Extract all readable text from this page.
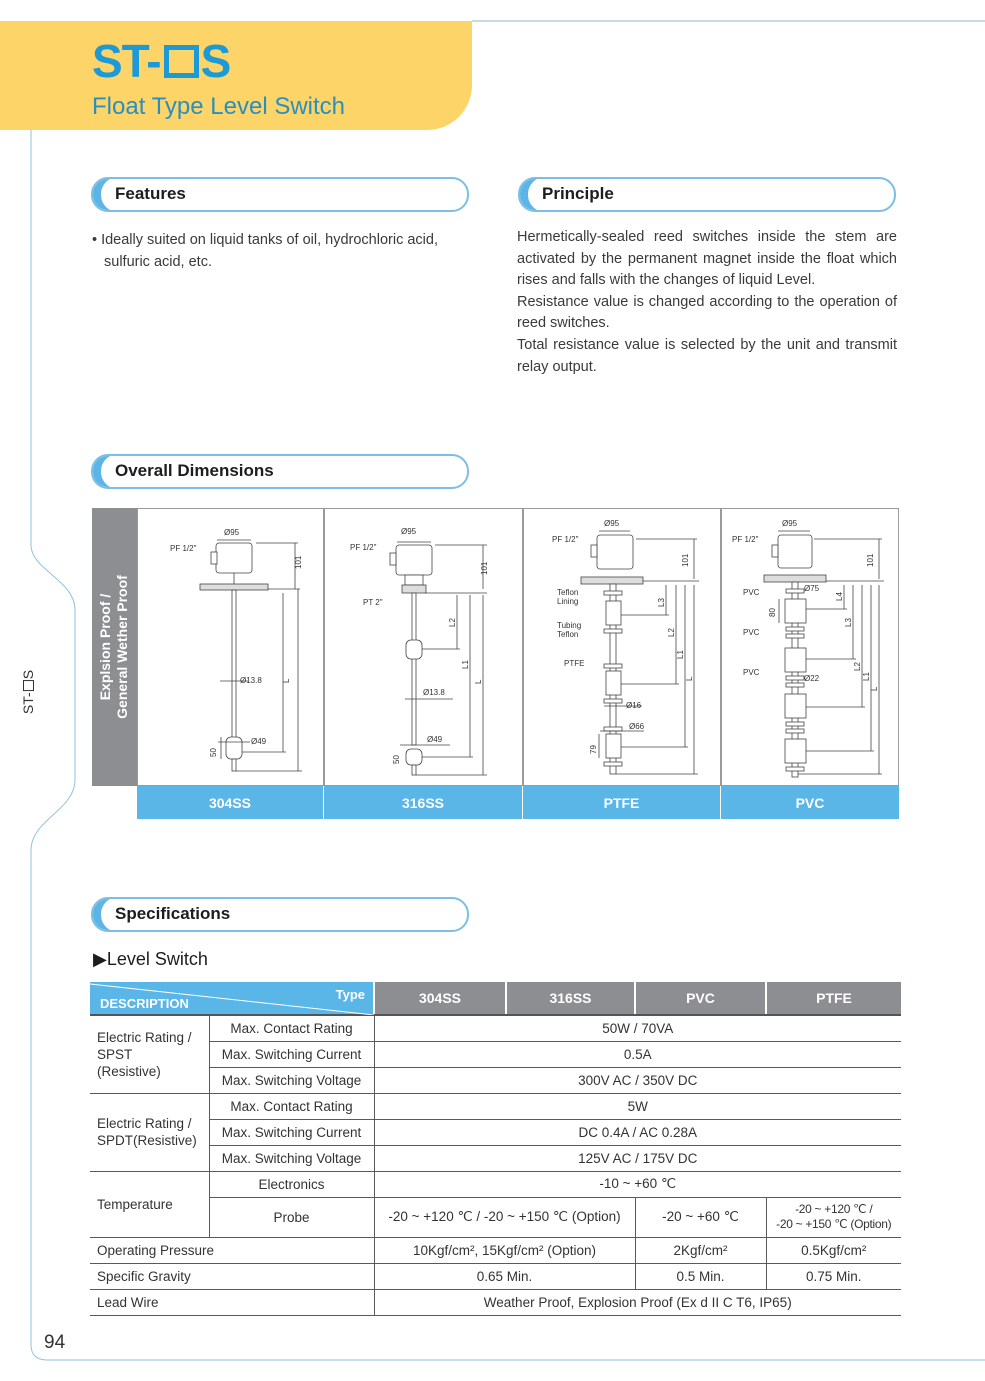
ST- S
Float Type Level Switch
ST-
S
Features
• Ideally suited on liquid tanks of oil, hydrochloric acid, sulfuric acid, etc.
Principle

Hermetically-sealed reed switches inside the stem are activated by the permanent magnet inside the float which rises and falls with the changes of liquid Level.

Resistance value is changed according to the operation of reed switches.

Total resistance value is selected by the unit and transmit relay output.

Overall Dimensions
Explsion Proof / General Wether Proof
Ø95
PF 1/2"
101
Ø13.8	L
Ø49
50
304SS
Ø95
PF 1/2"
101
PT 2"
L2
L1
L
Ø13.8
Ø49
50
316SS
Ø95
PF 1/2"
101
Teflon
Lining
Tubing
Teflon
PTFE
L3
L2
L1
L
Ø16
Ø66
79
PTFE
Ø95
PF 1/2"
101
PVC	Ø75
80
PVC
PVC
Ø22
L4
L3
L2
L1
L
PVC
Specifications
▶Level Switch
DESCRIPTION
Type		304SS	316SS	PVC	PTFE

Electric Rating /
SPST
(Resistive)	Max. Contact Rating	50W / 70VA			
	Max. Switching Current	0.5A			
	Max. Switching Voltage	300V AC / 350V DC			

Electric Rating /
SPDT(Resistive)	Max. Contact Rating	5W			
	Max. Switching Current	DC 0.4A / AC 0.28A			
	Max. Switching Voltage	125V AC / 175V DC			
Temperature	Electronics	-10 ~ +60 ℃			
	Probe	-20 ~ +120 ℃ / -20 ~ +150 ℃ (Option)		-20 ~ +60 ℃	-20 ~ +120 ℃ /
-20 ~ +150 ℃ (Option)

Operating Pressure		10Kgf/cm², 15Kgf/cm² (Option)		2Kgf/cm²	0.5Kgf/cm²
Specific Gravity		0.65 Min.		0.5 Min.	0.75 Min.
Lead Wire		Weather Proof, Explosion Proof (Ex d II C T6, IP65)			
94
